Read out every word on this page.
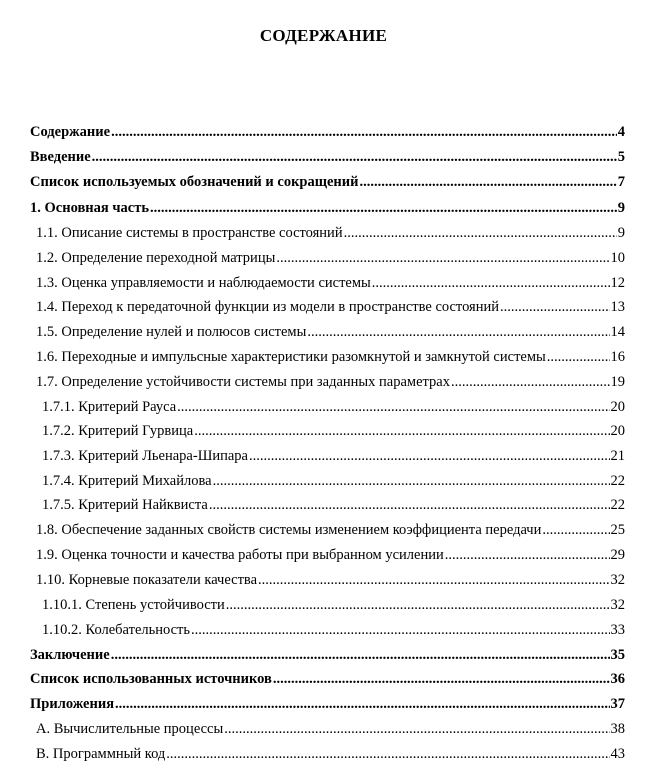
СОДЕРЖАНИЕ
Содержание .....	4
Введение .....	5
Список используемых обозначений и сокращений .....	7
1. Основная часть .....	9
1.1. Описание системы в пространстве состояний .....	9
1.2. Определение переходной матрицы .....	10
1.3. Оценка управляемости и наблюдаемости системы .....	12
1.4. Переход к передаточной функции из модели в пространстве состояний .....	13
1.5. Определение нулей и полюсов системы .....	14
1.6. Переходные и импульсные характеристики разомкнутой и замкнутой системы .....	16
1.7. Определение устойчивости системы при заданных параметрах .....	19
1.7.1. Критерий Рауса .....	20
1.7.2. Критерий Гурвица .....	20
1.7.3. Критерий Льенара-Шипара .....	21
1.7.4. Критерий Михайлова .....	22
1.7.5. Критерий Найквиста .....	22
1.8. Обеспечение заданных свойств системы изменением коэффициента передачи .....	25
1.9. Оценка точности и качества работы при выбранном усилении .....	29
1.10. Корневые показатели качества .....	32
1.10.1. Степень устойчивости .....	32
1.10.2. Колебательность .....	33
Заключение .....	35
Список использованных источников .....	36
Приложения .....	37
А. Вычислительные процессы .....	38
В. Программный код .....	43
